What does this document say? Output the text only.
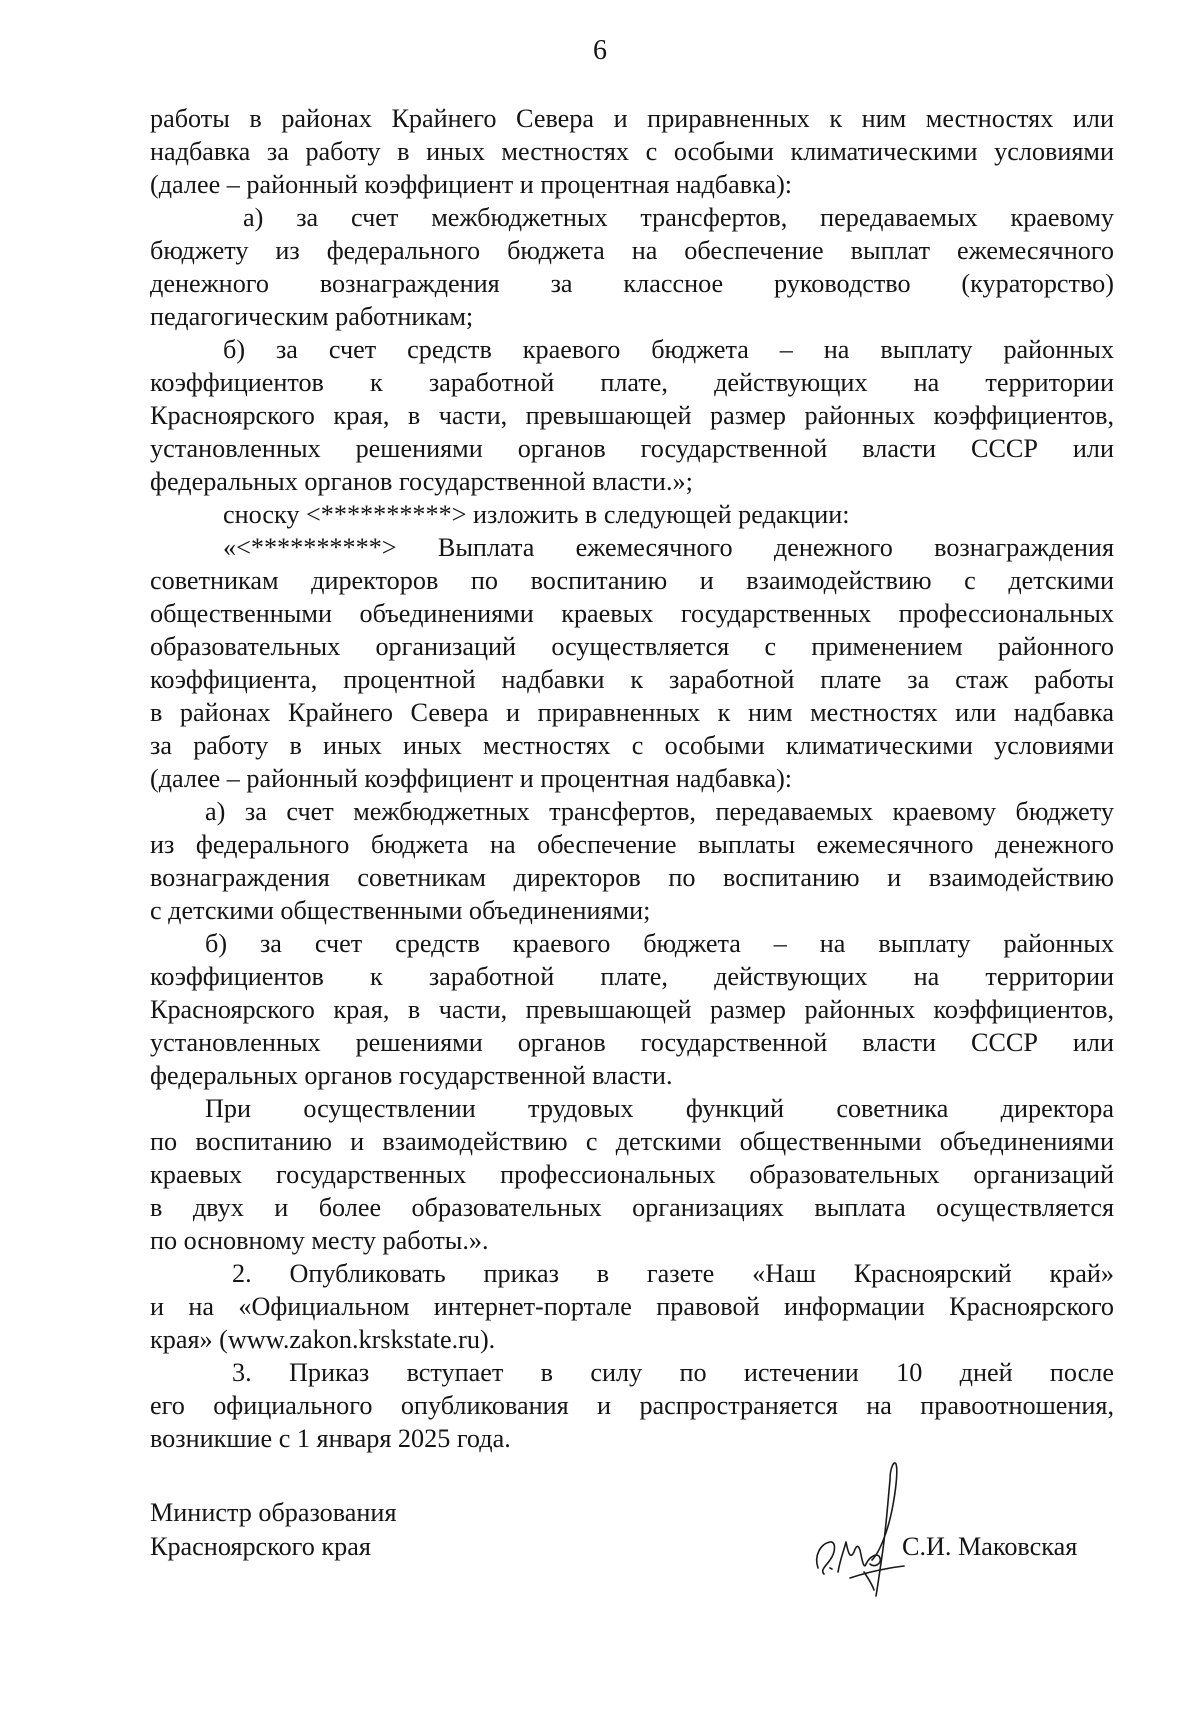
6
работы в районах Крайнего Севера и приравненных к ним местностях или
надбавка за работу в иных местностях с особыми климатическими условиями
(далее – районный коэффициент и процентная надбавка):
а) за счет межбюджетных трансфертов, передаваемых краевому
бюджету из федерального бюджета на обеспечение выплат ежемесячного
денежного вознаграждения за классное руководство (кураторство)
педагогическим работникам;
б) за счет средств краевого бюджета – на выплату районных
коэффициентов к заработной плате, действующих на территории
Красноярского края, в части, превышающей размер районных коэффициентов,
установленных решениями органов государственной власти СССР или
федеральных органов государственной власти.»;
сноску <**********> изложить в следующей редакции:
«<**********> Выплата ежемесячного денежного вознаграждения
советникам директоров по воспитанию и взаимодействию с детскими
общественными объединениями краевых государственных профессиональных
образовательных организаций осуществляется с применением районного
коэффициента, процентной надбавки к заработной плате за стаж работы
в районах Крайнего Севера и приравненных к ним местностях или надбавка
за работу в иных иных местностях с особыми климатическими условиями
(далее – районный коэффициент и процентная надбавка):
а) за счет межбюджетных трансфертов, передаваемых краевому бюджету
из федерального бюджета на обеспечение выплаты ежемесячного денежного
вознаграждения советникам директоров по воспитанию и взаимодействию
с детскими общественными объединениями;
б) за счет средств краевого бюджета – на выплату районных
коэффициентов к заработной плате, действующих на территории
Красноярского края, в части, превышающей размер районных коэффициентов,
установленных решениями органов государственной власти СССР или
федеральных органов государственной власти.
При осуществлении трудовых функций советника директора
по воспитанию и взаимодействию с детскими общественными объединениями
краевых государственных профессиональных образовательных организаций
в двух и более образовательных организациях выплата осуществляется
по основному месту работы.».
2. Опубликовать приказ в газете «Наш Красноярский край»
и на «Официальном интернет-портале правовой информации Красноярского
края» (www.zakon.krskstate.ru).
3. Приказ вступает в силу по истечении 10 дней после
его официального опубликования и распространяется на правоотношения,
возникшие с 1 января 2025 года.
Министр образования
Красноярского края	С.И. Маковская
